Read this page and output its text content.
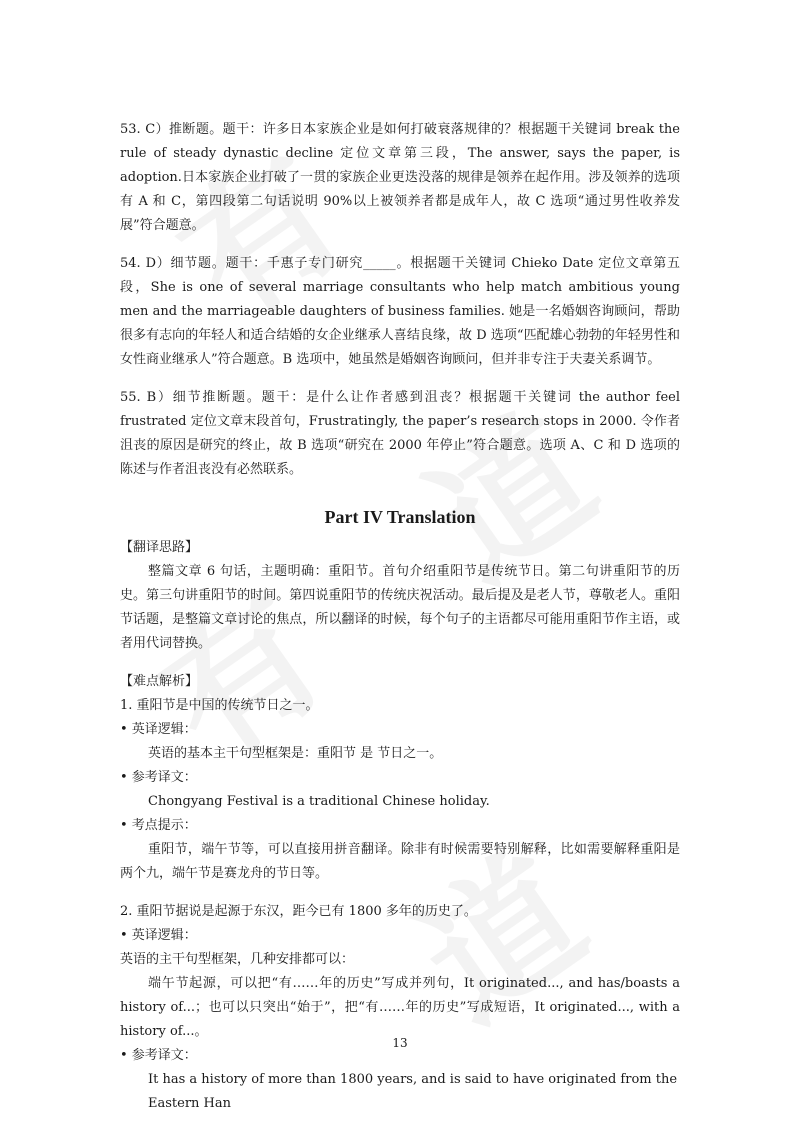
53. C）推断题。题干：许多日本家族企业是如何打破衰落规律的？根据题干关键词 break the rule of steady dynastic decline 定位文章第三段，The answer, says the paper, is adoption.日本家族企业打破了一贯的家族企业更迭没落的规律是领养在起作用。涉及领养的选项有 A 和 C，第四段第二句话说明 90%以上被领养者都是成年人，故 C 选项“通过男性收养发展”符合题意。

54. D）细节题。题干：千惠子专门研究_____。根据题干关键词 Chieko Date 定位文章第五段，She is one of several marriage consultants who help match ambitious young men and the marriageable daughters of business families. 她是一名婚姻咨询顾问，帮助很多有志向的年轻人和适合结婚的女企业继承人喜结良缘，故 D 选项“匹配雄心勃勃的年轻男性和女性商业继承人”符合题意。B 选项中，她虽然是婚姻咨询顾问，但并非专注于夫妻关系调节。

55. B）细节推断题。题干：是什么让作者感到沮丧？根据题干关键词 the author feel frustrated 定位文章末段首句，Frustratingly, the paper’s research stops in 2000. 令作者沮丧的原因是研究的终止，故 B 选项“研究在 2000 年停止”符合题意。选项 A、C 和 D 选项的陈述与作者沮丧没有必然联系。

Part IV Translation

【翻译思路】

整篇文章 6 句话，主题明确：重阳节。首句介绍重阳节是传统节日。第二句讲重阳节的历史。第三句讲重阳节的时间。第四说重阳节的传统庆祝活动。最后提及是老人节，尊敬老人。重阳节话题，是整篇文章讨论的焦点，所以翻译的时候，每个句子的主语都尽可能用重阳节作主语，或者用代词替换。

【难点解析】

1. 重阳节是中国的传统节日之一。

• 英译逻辑：

英语的基本主干句型框架是：重阳节 是 节日之一。

• 参考译文：

Chongyang Festival is a traditional Chinese holiday.

• 考点提示：

重阳节，端午节等，可以直接用拼音翻译。除非有时候需要特别解释，比如需要解释重阳是两个九，端午节是赛龙舟的节日等。

2. 重阳节据说是起源于东汉，距今已有 1800 多年的历史了。

• 英译逻辑：

英语的主干句型框架，几种安排都可以：

端午节起源，可以把“有……年的历史”写成并列句，It originated..., and has/boasts a history of...；也可以只突出“始于”，把“有……年的历史”写成短语，It originated..., with a history of...。

• 参考译文：

It has a history of more than 1800 years, and is said to have originated from the Eastern Han

13
